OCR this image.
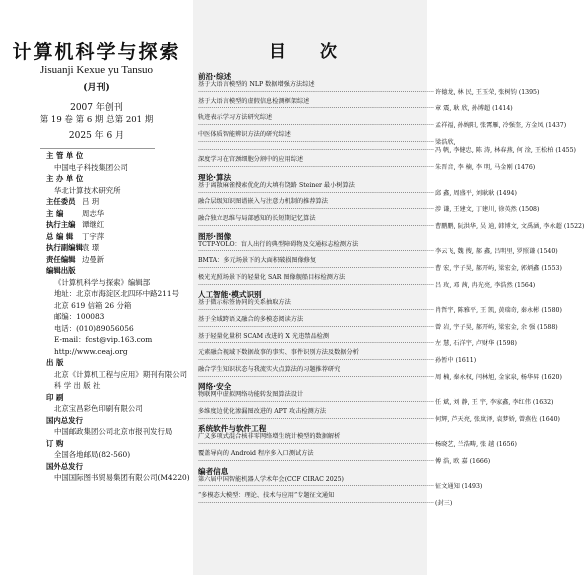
计算机科学与探索
Jisuanji Kexue yu Tansuo
(月刊)
2007 年创刊
第 19 卷 第 6 期 总第 201 期
2025 年 6 月
主 管 单 位
中国电子科技集团公司
主 办 单 位
华北计算技术研究所
主任委员 吕 玥
主 编	周志华
执行主编 谭继红
总 编 辑	丁宇萍
执行副编辑 袁 璟
责任编辑 边曼新
编辑出版
《计算机科学与探索》编辑部
地址：北京市海淀区北四环中路211号
北京 619 信箱 26 分箱
邮编：100083
电话：(010)89056056
E-mail：fcst@vip.163.com
http://www.ceaj.org
出 版
北京《计算机工程与应用》期刊有限公司
科 学 出 版 社
印 刷
北京宝昌彩色印刷有限公司
国内总发行
中国邮政集团公司北京市报刊发行局
订 购
全国各地邮局(82-560)
国外总发行
中国国际图书贸易集团有限公司(M4220)
目 次
前沿·综述
基于大语言模型的 NLP 数据增强方法综述
························································································································ 许德龙, 林 民, 王玉荣, 张树钧 (1395)
基于大语言模型的虚假信息检测框架综述
························································································································ 章 震, 耿 欣, 孙博超 (1414)
轨迹表示学习方法研究综述
························································································································ 孟祥福, 孙婉阳, 张霄雁, 冷强奎, 方金凤 (1437)
中医体质智能辨识方法的研究综述
························································································································ 梁浩欣,
························································································································ 冯 帆, 李健忠, 陈 涛, 林春燕, 何 淦, 王松柏 (1455)
深度学习在宫颈细胞分割中的应用综述
························································································································ 朱晋音, 李 楠, 李 明, 马金刚 (1476)
理论·算法
基于离散麻雀搜索优化的大填有饶路 Steiner 最小树算法
························································································································ 邱 鑫, 周盛平, 刘耿耿 (1494)
融合层级知识图谱嵌入与注意力机制的推荐算法
························································································································ 涉 谦, 王建文, 丁建川, 徐英然 (1508)
融合独立思维与局部感知的长短期记忆算法
························································································································ 曹鹏鹏, 阮洪华, 吴 迪, 韩博文, 文禹涵, 李永超 (1522)
图形·图像
TCTP-YOLO：盲人出行的典型障碍物及交通标志检测方法
························································································································ 李云飞, 魏 搜, 郝 鑫, 吕明里, 罗照谦 (1540)
BMTA：多元场景下的大面积破损图像修复
························································································································ 曹 宏, 宇子昊, 郝开屿, 梁宏金, 郭炳鑫 (1553)
极光光照场景下的轻量化 SAR 图像舰船目标检测方法
························································································································ 吕 玫, 邓 茜, 冉光亮, 李浩然 (1564)
人工智能·模式识别
基于微示标签协同的关系抽取方法
························································································································ 肖哲宇, 陈雅平, 王 凯, 黄瑞奇, 秦永彬 (1580)
基于全域跨语义融合的多模态阅读方法
························································································································ 曾 岩, 宇子昊, 郝开屿, 梁宏金, 余 强 (1588)
基于轻量化量积 SCAM 改进的 X 光违禁品检测
························································································································ 左 慧, 石洋宇, 卢财华 (1598)
元素融合视域下数据故事的事实、事件识别方法及数据分析
························································································································ 孙暂中 (1611)
融合学生知识状态与我流实火点算法的习题推荐研究
························································································································ 周 楠, 秦永权, 闫林旭, 金家泉, 杨华昇 (1620)
网络·安全
物联网中虚拟网络功能转发图算法设计
························································································································ 任 斌, 刘 静, 王 宇, 李家鑫, 李红伟 (1632)
多维度边优化渗漏图改进的 APT 攻击检测方法
························································································································ 何辉, 芦天亮, 张岚泽, 袁梦娇, 曾燕佐 (1640)
系统软件与软件工程
广义多项式混合核非零网络增生统计模型的数据解析
························································································································ 杨晓艺, 兰浩畴, 张 越 (1656)
覆盖导向的 Android 程序多入口测试方法
························································································································ 傅 浩, 欧 嘉 (1666)
编者信息
第六届中国智能机器人学术年会(CCF CIRAC 2025)
························································································································ 征文通知 (1493)
“多模态大模型：理论、技术与应用”专题征文通知
························································································································ (封三)
